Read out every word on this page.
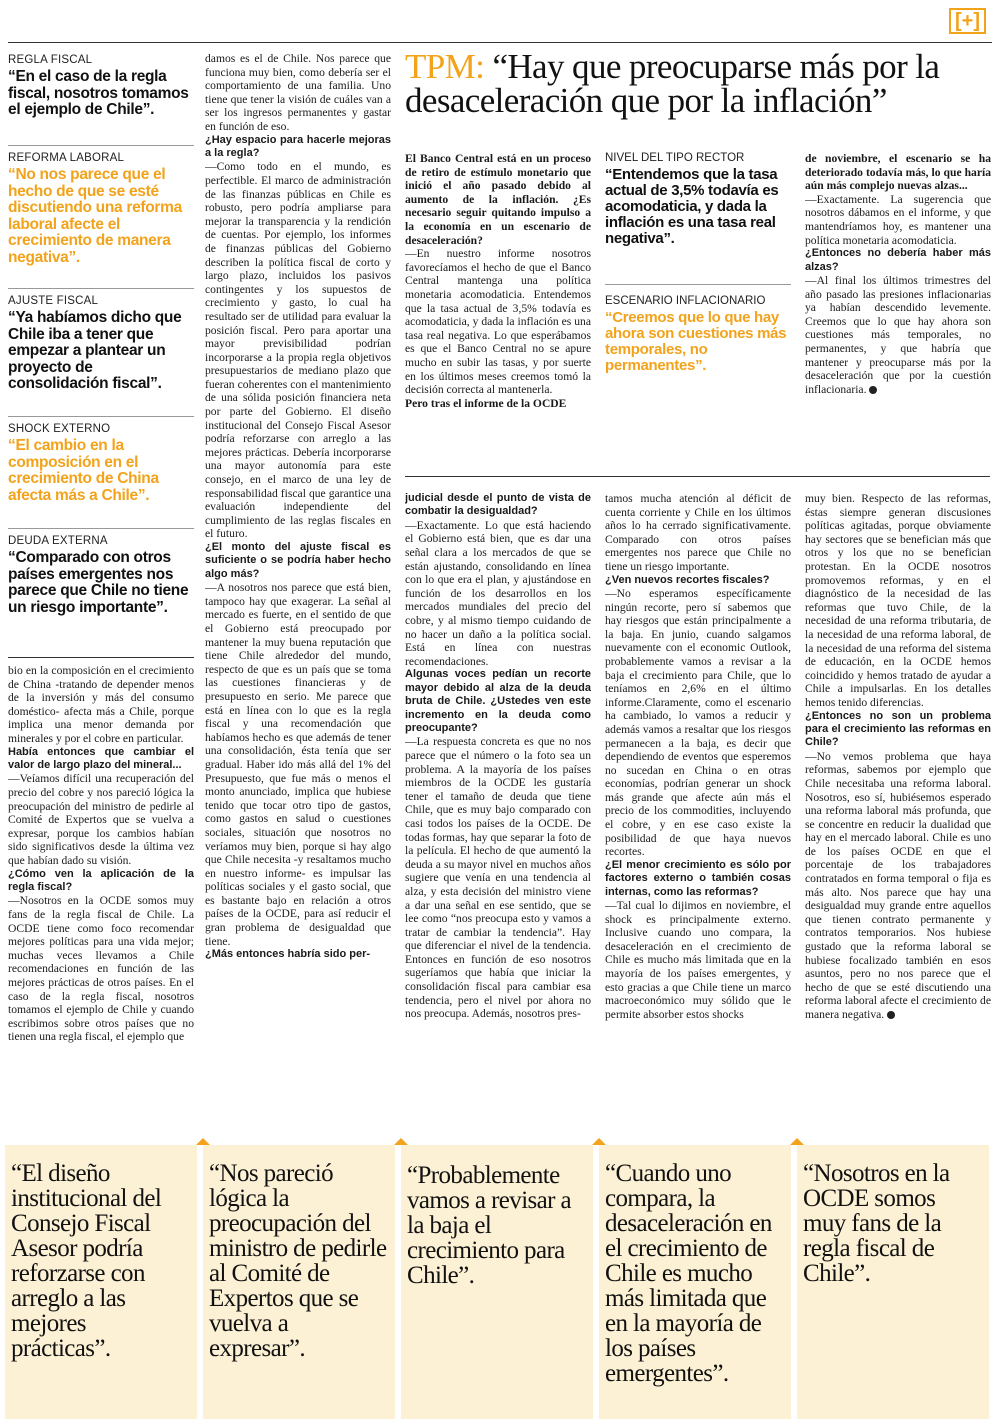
[+]
REGLA FISCAL
“En el caso de la regla fiscal, nosotros tomamos el ejemplo de Chile”.
REFORMA LABORAL
“No nos parece que el hecho de que se esté discutiendo una reforma laboral afecte el crecimiento de manera negativa”.
AJUSTE FISCAL
“Ya habíamos dicho que Chile iba a tener que empezar a plantear un proyecto de consolidación fiscal”.
SHOCK EXTERNO
“El cambio en la composición en el crecimiento de China afecta más a Chile”.
DEUDA EXTERNA
“Comparado con otros países emergentes nos parece que Chile no tiene un riesgo importante”.
TPM: “Hay que preocuparse más por la desaceleración que por la inflación”

damos es el de Chile. Nos parece que funciona muy bien, como debería ser el comportamiento de una familia. Uno tiene que tener la visión de cuáles van a ser los ingresos permanentes y gastar en función de eso.

¿Hay espacio para hacerle mejoras a la regla?

—Como todo en el mundo, es perfectible. El marco de administración de las finanzas públicas en Chile es robusto, pero podría ampliarse para mejorar la transparencia y la rendición de cuentas. Por ejemplo, los informes de finanzas públicas del Gobierno describen la política fiscal de corto y largo plazo, incluidos los pasivos contingentes y los supuestos de crecimiento y gasto, lo cual ha resultado ser de utilidad para evaluar la posición fiscal. Pero para aportar una mayor previsibilidad podrían incorporarse a la propia regla objetivos presupuestarios de mediano plazo que fueran coherentes con el mantenimiento de una sólida posición financiera neta por parte del Gobierno. El diseño institucional del Consejo Fiscal Asesor podría reforzarse con arreglo a las mejores prácticas. Debería incorporarse una mayor autonomía para este consejo, en el marco de una ley de responsabilidad fiscal que garantice una evaluación independiente del cumplimiento de las reglas fiscales en el futuro.

¿El monto del ajuste fiscal es suficiente o se podría haber hecho algo más?

—A nosotros nos parece que está bien, tampoco hay que exagerar. La señal al mercado es fuerte, en el sentido de que el Gobierno está preocupado por mantener la muy buena reputación que tiene Chile alrededor del mundo, respecto de que es un país que se toma las cuestiones financieras y de presupuesto en serio. Me parece que está en línea con lo que es la regla fiscal y una recomendación que habíamos hecho es que además de tener una consolidación, ésta tenía que ser gradual. Haber ido más allá del 1% del Presupuesto, que fue más o menos el monto anunciado, implica que hubiese tenido que tocar otro tipo de gastos, como gastos en salud o cuestiones sociales, situación que nosotros no veríamos muy bien, porque si hay algo que Chile necesita -y resaltamos mucho en nuestro informe- es impulsar las políticas sociales y el gasto social, que es bastante bajo en relación a otros países de la OCDE, para así reducir el gran problema de desigualdad que tiene.

¿Más entonces habría sido per-

El Banco Central está en un proceso de retiro de estímulo monetario que inició el año pasado debido al aumento de la inflación. ¿Es necesario seguir quitando impulso a la economía en un escenario de desaceleración?

—En nuestro informe nosotros favorecíamos el hecho de que el Banco Central mantenga una política monetaria acomodaticia. Entendemos que la tasa actual de 3,5% todavía es acomodaticia, y dada la inflación es una tasa real negativa. Lo que esperábamos es que el Banco Central no se apure mucho en subir las tasas, y por suerte en los últimos meses creemos tomó la decisión correcta al mantenerla.

Pero tras el informe de la OCDE

NIVEL DEL TIPO RECTOR
“Entendemos que la tasa actual de 3,5% todavía es acomodaticia, y dada la inflación es una tasa real negativa”.
ESCENARIO INFLACIONARIO
“Creemos que lo que hay ahora son cuestiones más temporales, no permanentes”.

de noviembre, el escenario se ha deteriorado todavía más, lo que haría aún más complejo nuevas alzas...

—Exactamente. La sugerencia que nosotros dábamos en el informe, y que mantendríamos hoy, es mantener una política monetaria acomodaticia.

¿Entonces no debería haber más alzas?

—Al final los últimos trimestres del año pasado las presiones inflacionarias ya habían descendido levemente. Creemos que lo que hay ahora son cuestiones más temporales, no permanentes, y que habría que mantener y preocuparse más por la desaceleración que por la cuestión inflacionaria.

bio en la composición en el crecimiento de China -tratando de depender menos de la inversión y más del consumo doméstico- afecta más a Chile, porque implica una menor demanda por minerales y por el cobre en particular.

Había entonces que cambiar el valor de largo plazo del mineral...

—Veíamos difícil una recuperación del precio del cobre y nos pareció lógica la preocupación del ministro de pedirle al Comité de Expertos que se vuelva a expresar, porque los cambios habían sido significativos desde la última vez que habían dado su visión.

¿Cómo ven la aplicación de la regla fiscal?

—Nosotros en la OCDE somos muy fans de la regla fiscal de Chile. La OCDE tiene como foco recomendar mejores políticas para una vida mejor; muchas veces llevamos a Chile recomendaciones en función de las mejores prácticas de otros países. En el caso de la regla fiscal, nosotros tomamos el ejemplo de Chile y cuando escribimos sobre otros países que no tienen una regla fiscal, el ejemplo que

judicial desde el punto de vista de combatir la desigualdad?

—Exactamente. Lo que está haciendo el Gobierno está bien, que es dar una señal clara a los mercados de que se están ajustando, consolidando en línea con lo que era el plan, y ajustándose en función de los desarrollos en los mercados mundiales del precio del cobre, y al mismo tiempo cuidando de no hacer un daño a la política social. Está en línea con nuestras recomendaciones.

Algunas voces pedían un recorte mayor debido al alza de la deuda bruta de Chile. ¿Ustedes ven este incremento en la deuda como preocupante?

—La respuesta concreta es que no nos parece que el número o la foto sea un problema. A la mayoría de los países miembros de la OCDE les gustaría tener el tamaño de deuda que tiene Chile, que es muy bajo comparado con casi todos los países de la OCDE. De todas formas, hay que separar la foto de la película. El hecho de que aumentó la deuda a su mayor nivel en muchos años sugiere que venía en una tendencia al alza, y esta decisión del ministro viene a dar una señal en ese sentido, que se lee como “nos preocupa esto y vamos a tratar de cambiar la tendencia”. Hay que diferenciar el nivel de la tendencia. Entonces en función de eso nosotros sugeríamos que había que iniciar la consolidación fiscal para cambiar esa tendencia, pero el nivel por ahora no nos preocupa. Además, nosotros pres-

tamos mucha atención al déficit de cuenta corriente y Chile en los últimos años lo ha cerrado significativamente. Comparado con otros países emergentes nos parece que Chile no tiene un riesgo importante.

¿Ven nuevos recortes fiscales?

—No esperamos específicamente ningún recorte, pero sí sabemos que hay riesgos que están principalmente a la baja. En junio, cuando salgamos nuevamente con el economic Outlook, probablemente vamos a revisar a la baja el crecimiento para Chile, que lo teníamos en 2,6% en el último informe.Claramente, como el escenario ha cambiado, lo vamos a reducir y además vamos a resaltar que los riesgos permanecen a la baja, es decir que dependiendo de eventos que esperemos no sucedan en China o en otras economías, podrían generar un shock más grande que afecte aún más el precio de los commodities, incluyendo el cobre, y en ese caso existe la posibilidad de que haya nuevos recortes.

¿El menor crecimiento es sólo por factores externo o también cosas internas, como las reformas?

—Tal cual lo dijimos en noviembre, el shock es principalmente externo. Inclusive cuando uno compara, la desaceleración en el crecimiento de Chile es mucho más limitada que en la mayoría de los países emergentes, y esto gracias a que Chile tiene un marco macroeconómico muy sólido que le permite absorber estos shocks

muy bien. Respecto de las reformas, éstas siempre generan discusiones políticas agitadas, porque obviamente hay sectores que se benefician más que otros y los que no se benefician protestan. En la OCDE nosotros promovemos reformas, y en el diagnóstico de la necesidad de las reformas que tuvo Chile, de la necesidad de una reforma tributaria, de la necesidad de una reforma laboral, de la necesidad de una reforma del sistema de educación, en la OCDE hemos coincidido y hemos tratado de ayudar a Chile a impulsarlas. En los detalles hemos tenido diferencias.

¿Entonces no son un problema para el crecimiento las reformas en Chile?

—No vemos problema que haya reformas, sabemos por ejemplo que Chile necesitaba una reforma laboral. Nosotros, eso sí, hubiésemos esperado una reforma laboral más profunda, que se concentre en reducir la dualidad que hay en el mercado laboral. Chile es uno de los países OCDE en que el porcentaje de los trabajadores contratados en forma temporal o fija es más alto. Nos parece que hay una desigualdad muy grande entre aquellos que tienen contrato permanente y contratos temporarios. Nos hubiese gustado que la reforma laboral se hubiese focalizado también en esos asuntos, pero no nos parece que el hecho de que se esté discutiendo una reforma laboral afecte el crecimiento de manera negativa.

“El diseño institucional del Consejo Fiscal Asesor podría reforzarse con arreglo a las mejores prácticas”.
“Nos pareció lógica la preocupación del ministro de pedirle al Comité de Expertos que se vuelva a expresar”.
“Probablemente vamos a revisar a la baja el crecimiento para Chile”.
“Cuando uno compara, la desaceleración en el crecimiento de Chile es mucho más limitada que en la mayoría de los países emergentes”.
“Nosotros en la OCDE somos muy fans de la regla fiscal de Chile”.
